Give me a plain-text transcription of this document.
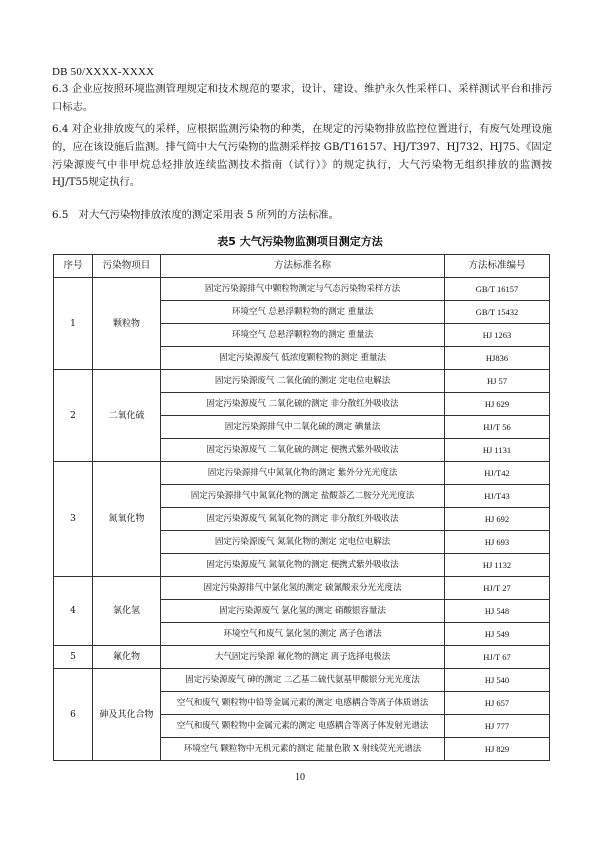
DB 50/XXXX-XXXX
6.3 企业应按照环境监测管理规定和技术规范的要求，设计、建设、维护永久性采样口、采样测试平台和排污口标志。
6.4 对企业排放废气的采样，应根据监测污染物的种类，在规定的污染物排放监控位置进行，有废气处理设施的，应在该设施后监测。排气筒中大气污染物的监测采样按 GB/T16157、HJ/T397、HJ732、HJ75、《固定污染源废气中非甲烷总烃排放连续监测技术指南（试行）》的规定执行，大气污染物无组织排放的监测按HJ/T55规定执行。
6.5　对大气污染物排放浓度的测定采用表 5 所列的方法标准。
表5 大气污染物监测项目测定方法
序号	污染物项目	方法标准名称	方法标准编号
1	颗粒物	固定污染源排气中颗粒物测定与气态污染物采样方法	GB/T 16157
		环境空气 总悬浮颗粒物的测定 重量法	GB/T 15432
		环境空气 总悬浮颗粒物的测定 重量法	HJ 1263
		固定污染源废气 低浓度颗粒物的测定 重量法	HJ836
2	二氧化硫	固定污染源废气 二氧化硫的测定 定电位电解法	HJ 57
		固定污染源废气 二氧化硫的测定 非分散红外吸收法	HJ 629
		固定污染源排气中二氧化硫的测定 碘量法	HJ/T 56
		固定污染源废气 二氧化硫的测定 便携式紫外吸收法	HJ 1131
3	氮氧化物	固定污染源排气中氮氧化物的测定 紫外分光光度法	HJ/T42
		固定污染源排气中氮氧化物的测定 盐酸萘乙二胺分光光度法	HJ/T43
		固定污染源废气 氮氧化物的测定 非分散红外吸收法	HJ 692
		固定污染源废气 氮氧化物的测定 定电位电解法	HJ 693
		固定污染源废气 氮氧化物的测定 便携式紫外吸收法	HJ 1132
4	氯化氢	固定污染源排气中氯化氢的测定 硫氰酸汞分光光度法	HJ/T 27
		固定污染源废气 氯化氢的测定 硝酸银容量法	HJ 548
		环境空气和废气 氯化氢的测定 离子色谱法	HJ 549
5	氟化物	大气固定污染源 氟化物的测定 离子选择电极法	HJ/T 67
6	砷及其化合物	固定污染源废气 砷的测定 二乙基二硫代氨基甲酸银分光光度法	HJ 540
		空气和废气 颗粒物中铅等金属元素的测定 电感耦合等离子体质谱法	HJ 657
		空气和废气 颗粒物中金属元素的测定 电感耦合等离子体发射光谱法	HJ 777
		环境空气 颗粒物中无机元素的测定 能量色散 X 射线荧光光谱法	HJ 829
10
